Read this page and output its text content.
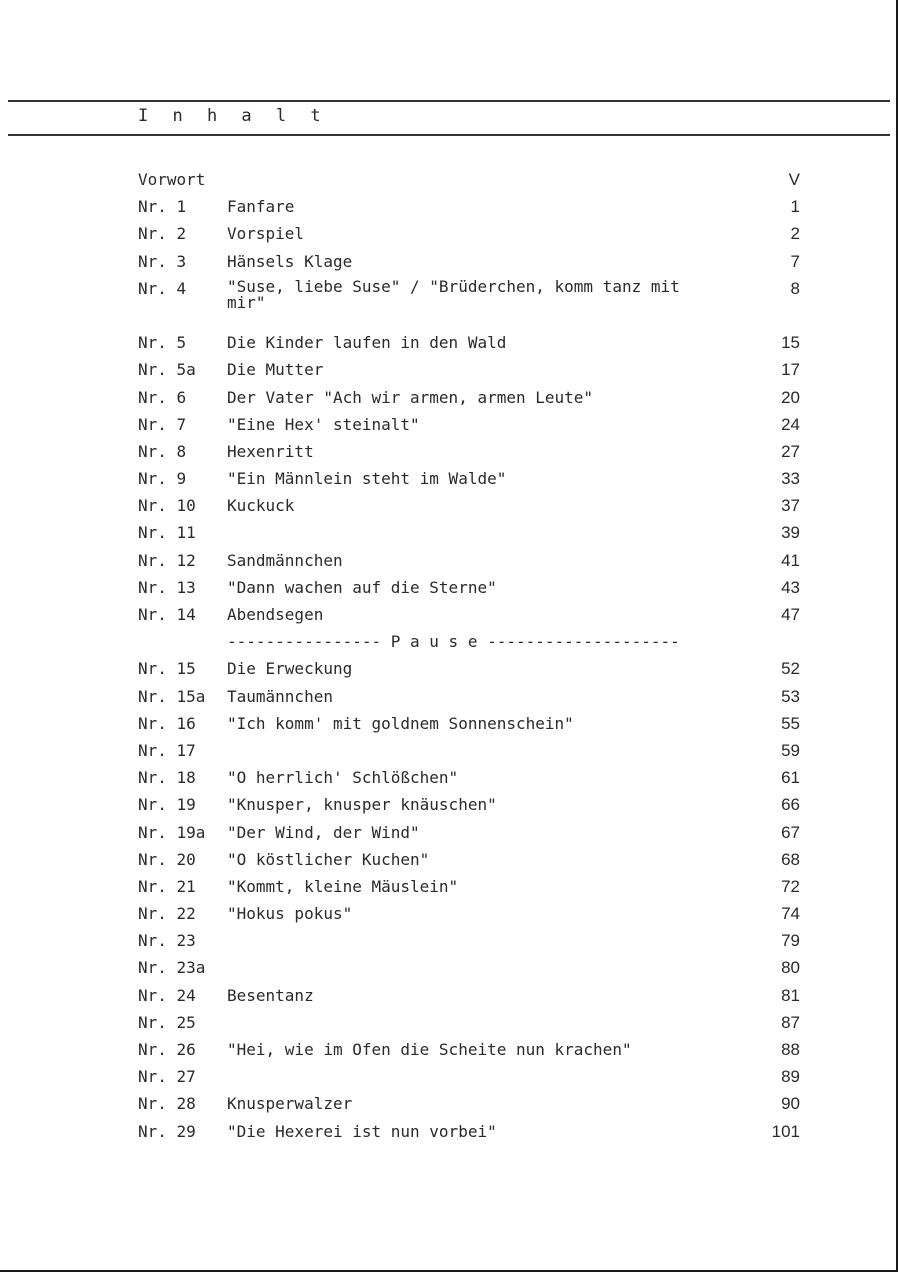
I n h a l t
Vorwort	V
Nr. 1	Fanfare	1
Nr. 2	Vorspiel	2
Nr. 3	Hänsels Klage	7
Nr. 4	"Suse, liebe Suse" / "Brüderchen, komm tanz mit mir"
8
Nr. 5	Die Kinder laufen in den Wald	15
Nr. 5a Die Mutter	17
Nr. 6	Der Vater "Ach wir armen, armen Leute"	20
Nr. 7	"Eine Hex' steinalt"	24
Nr. 8	Hexenritt	27
Nr. 9	"Ein Männlein steht im Walde"	33
Nr. 10 Kuckuck	37
Nr. 11	39
Nr. 12 Sandmännchen	41
Nr. 13 "Dann wachen auf die Sterne"	43
Nr. 14 Abendsegen	47
---------------- P a u s e --------------------
Nr. 15 Die Erweckung	52
Nr. 15a Taumännchen	53
Nr. 16 "Ich komm' mit goldnem Sonnenschein"	55
Nr. 17	59
Nr. 18 "O herrlich' Schlößchen"	61
Nr. 19 "Knusper, knusper knäuschen"	66
Nr. 19a "Der Wind, der Wind"	67
Nr. 20 "O köstlicher Kuchen"	68
Nr. 21 "Kommt, kleine Mäuslein"	72
Nr. 22 "Hokus pokus"	74
Nr. 23	79
Nr. 23a	80
Nr. 24 Besentanz	81
Nr. 25	87
Nr. 26 "Hei, wie im Ofen die Scheite nun krachen"	88
Nr. 27	89
Nr. 28 Knusperwalzer	90
Nr. 29 "Die Hexerei ist nun vorbei"	101
